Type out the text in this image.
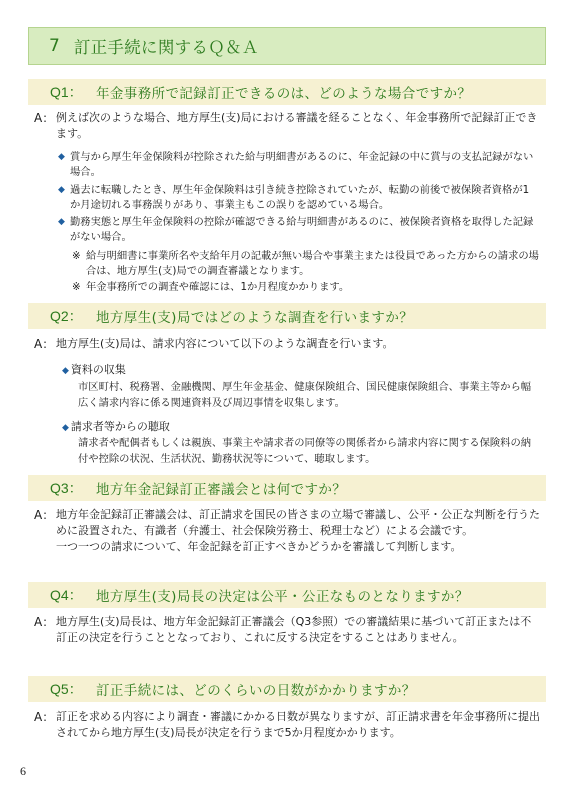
7 訂正手続に関するＱ＆Ａ
Q1： 年金事務所で記録訂正できるのは、どのような場合ですか？
A： 例えば次のような場合、地方厚生(支)局における審議を経ることなく、年金事務所で記録訂正できます。
◆ 賞与から厚生年金保険料が控除された給与明細書があるのに、年金記録の中に賞与の支払記録がない場合。
◆ 過去に転職したとき、厚生年金保険料は引き続き控除されていたが、転勤の前後で被保険者資格が1か月途切れる事務誤りがあり、事業主もこの誤りを認めている場合。
◆ 勤務実態と厚生年金保険料の控除が確認できる給与明細書があるのに、被保険者資格を取得した記録がない場合。
※ 給与明細書に事業所名や支給年月の記載が無い場合や事業主または役員であった方からの請求の場合は、地方厚生(支)局での調査審議となります。
※ 年金事務所での調査や確認には、1か月程度かかります。
Q2： 地方厚生(支)局ではどのような調査を行いますか？
A： 地方厚生(支)局は、請求内容について以下のような調査を行います。
◆ 資料の収集
市区町村、税務署、金融機関、厚生年金基金、健康保険組合、国民健康保険組合、事業主等から幅広く請求内容に係る関連資料及び周辺事情を収集します。
◆ 請求者等からの聴取
請求者や配偶者もしくは親族、事業主や請求者の同僚等の関係者から請求内容に関する保険料の納付や控除の状況、生活状況、勤務状況等について、聴取します。
Q3： 地方年金記録訂正審議会とは何ですか？
A： 地方年金記録訂正審議会は、訂正請求を国民の皆さまの立場で審議し、公平・公正な判断を行うために設置された、有識者（弁護士、社会保険労務士、税理士など）による会議です。
一つ一つの請求について、年金記録を訂正すべきかどうかを審議して判断します。
Q4： 地方厚生(支)局長の決定は公平・公正なものとなりますか？
A： 地方厚生(支)局長は、地方年金記録訂正審議会（Q3参照）での審議結果に基づいて訂正または不訂正の決定を行うこととなっており、これに反する決定をすることはありません。
Q5： 訂正手続には、どのくらいの日数がかかりますか？
A： 訂正を求める内容により調査・審議にかかる日数が異なりますが、訂正請求書を年金事務所に提出されてから地方厚生(支)局長が決定を行うまで5か月程度かかります。
6
